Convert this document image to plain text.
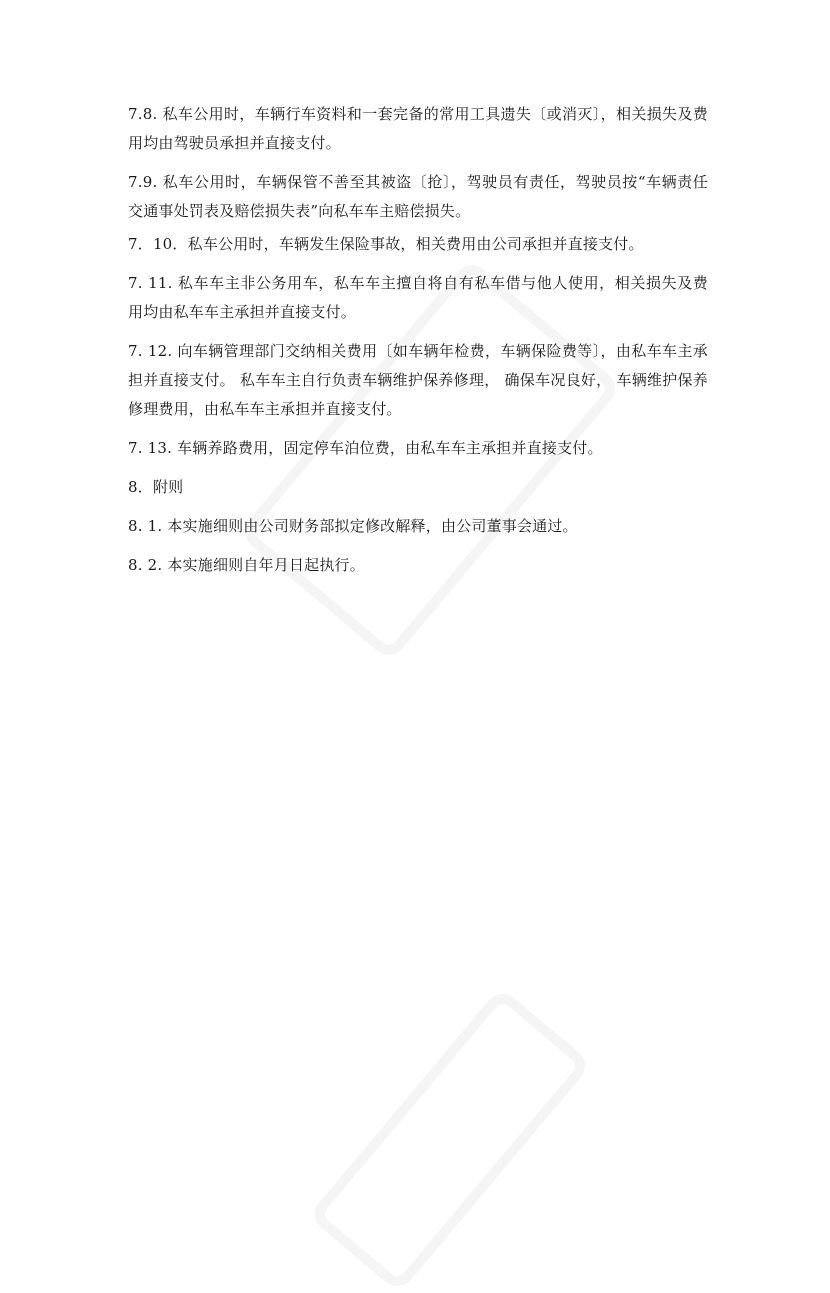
7.8. 私车公用时，车辆行车资料和一套完备的常用工具遗失〔或消灭〕，相关损失及费用均由驾驶员承担并直接支付。

7.9. 私车公用时，车辆保管不善至其被盗〔抢〕，驾驶员有责任，驾驶员按“车辆责任交通事处罚表及赔偿损失表”向私车车主赔偿损失。

7．10．私车公用时，车辆发生保险事故，相关费用由公司承担并直接支付。

7. 11. 私车车主非公务用车，私车车主擅自将自有私车借与他人使用，相关损失及费用均由私车车主承担并直接支付。

7. 12. 向车辆管理部门交纳相关费用〔如车辆年检费，车辆保险费等〕，由私车车主承担并直接支付。 私车车主自行负责车辆维护保养修理， 确保车况良好， 车辆维护保养修理费用，由私车车主承担并直接支付。

7. 13. 车辆养路费用，固定停车泊位费，由私车车主承担并直接支付。

8．附则

8. 1. 本实施细则由公司财务部拟定修改解释，由公司董事会通过。

8. 2. 本实施细则自年月日起执行。
